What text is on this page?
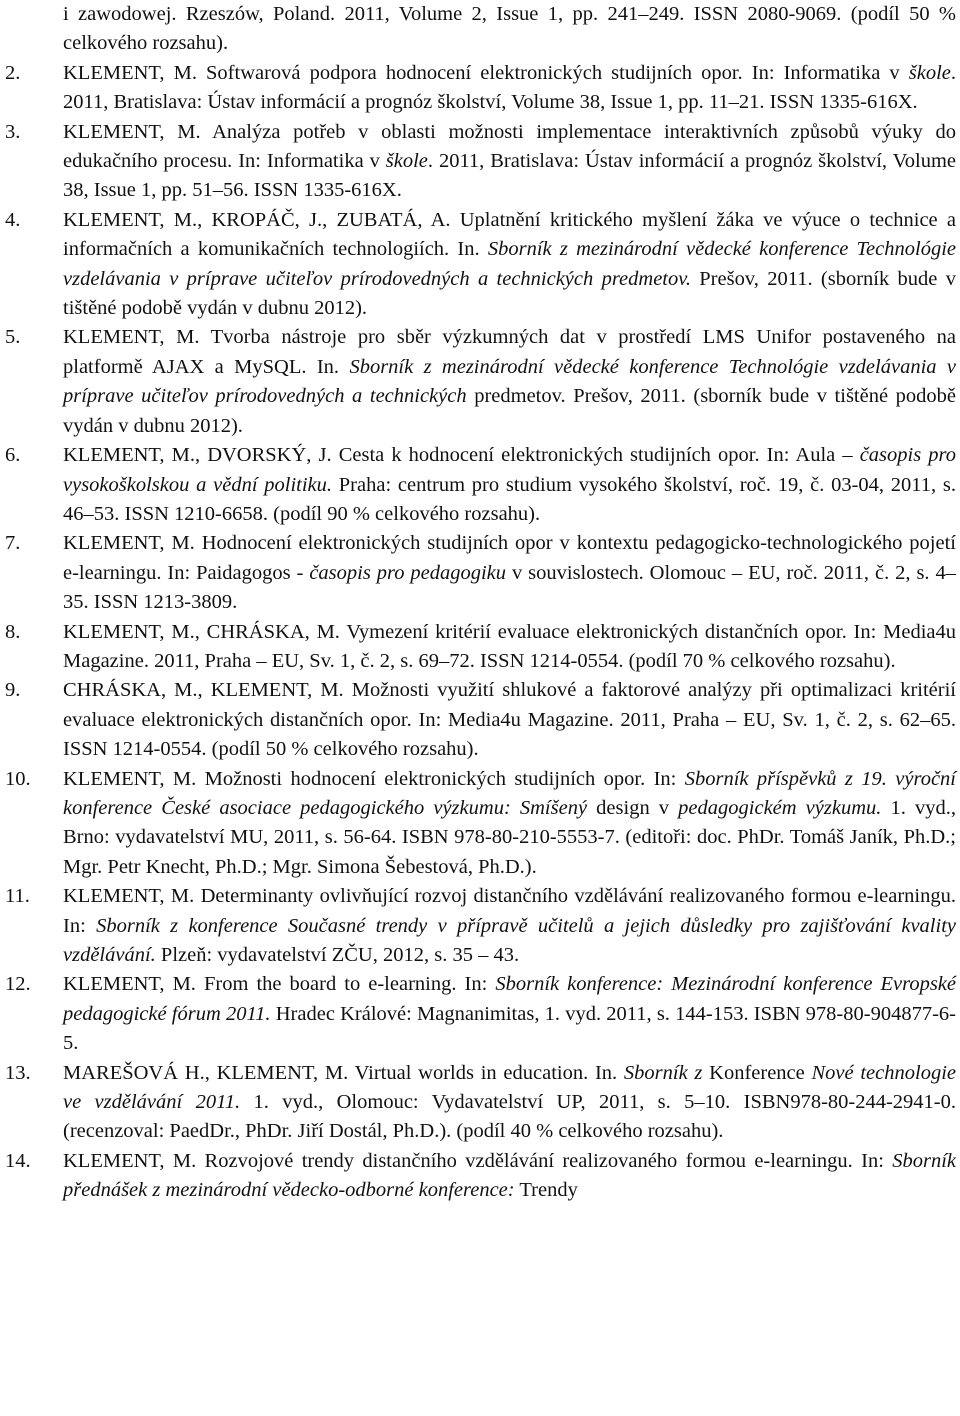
i zawodowej. Rzeszów, Poland. 2011, Volume 2, Issue 1, pp. 241–249. ISSN 2080-9069. (podíl 50 % celkového rozsahu).
2. KLEMENT, M. Softwarová podpora hodnocení elektronických studijních opor. In: Informatika v škole. 2011, Bratislava: Ústav informácií a prognóz školství, Volume 38, Issue 1, pp. 11–21. ISSN 1335-616X.
3. KLEMENT, M. Analýza potřeb v oblasti možnosti implementace interaktivních způsobů výuky do edukačního procesu. In: Informatika v škole. 2011, Bratislava: Ústav informácií a prognóz školství, Volume 38, Issue 1, pp. 51–56. ISSN 1335-616X.
4. KLEMENT, M., KROPÁČ, J., ZUBATÁ, A. Uplatnění kritického myšlení žáka ve výuce o technice a informačních a komunikačních technologiích. In. Sborník z mezinárodní vědecké konference Technológie vzdelávania v príprave učiteľov prírodovedných a technických predmetov. Prešov, 2011. (sborník bude v tištěné podobě vydán v dubnu 2012).
5. KLEMENT, M. Tvorba nástroje pro sběr výzkumných dat v prostředí LMS Unifor postaveného na platformě AJAX a MySQL. In. Sborník z mezinárodní vědecké konference Technológie vzdelávania v príprave učiteľov prírodovedných a technických predmetov. Prešov, 2011. (sborník bude v tištěné podobě vydán v dubnu 2012).
6. KLEMENT, M., DVORSKÝ, J. Cesta k hodnocení elektronických studijních opor. In: Aula – časopis pro vysokoškolskou a vědní politiku. Praha: centrum pro studium vysokého školství, roč. 19, č. 03-04, 2011, s. 46–53. ISSN 1210-6658. (podíl 90 % celkového rozsahu).
7. KLEMENT, M. Hodnocení elektronických studijních opor v kontextu pedagogicko-technologického pojetí e-learningu. In: Paidagogos - časopis pro pedagogiku v souvislostech. Olomouc – EU, roč. 2011, č. 2, s. 4–35. ISSN 1213-3809.
8. KLEMENT, M., CHRÁSKA, M. Vymezení kritérií evaluace elektronických distančních opor. In: Media4u Magazine. 2011, Praha – EU, Sv. 1, č. 2, s. 69–72. ISSN 1214-0554. (podíl 70 % celkového rozsahu).
9. CHRÁSKA, M., KLEMENT, M. Možnosti využití shlukové a faktorové analýzy při optimalizaci kritérií evaluace elektronických distančních opor. In: Media4u Magazine. 2011, Praha – EU, Sv. 1, č. 2, s. 62–65. ISSN 1214-0554. (podíl 50 % celkového rozsahu).
10. KLEMENT, M. Možnosti hodnocení elektronických studijních opor. In: Sborník příspěvků z 19. výroční konference České asociace pedagogického výzkumu: Smíšený design v pedagogickém výzkumu. 1. vyd., Brno: vydavatelství MU, 2011, s. 56-64. ISBN 978-80-210-5553-7. (editoři: doc. PhDr. Tomáš Janík, Ph.D.; Mgr. Petr Knecht, Ph.D.; Mgr. Simona Šebestová, Ph.D.).
11. KLEMENT, M. Determinanty ovlivňující rozvoj distančního vzdělávání realizovaného formou e-learningu. In: Sborník z konference Současné trendy v přípravě učitelů a jejich důsledky pro zajišťování kvality vzdělávání. Plzeň: vydavatelství ZČU, 2012, s. 35 – 43.
12. KLEMENT, M. From the board to e-learning. In: Sborník konference: Mezinárodní konference Evropské pedagogické fórum 2011. Hradec Králové: Magnanimitas, 1. vyd. 2011, s. 144-153. ISBN 978-80-904877-6-5.
13. MAREŠOVÁ H., KLEMENT, M. Virtual worlds in education. In. Sborník z Konference Nové technologie ve vzdělávání 2011. 1. vyd., Olomouc: Vydavatelství UP, 2011, s. 5–10. ISBN978-80-244-2941-0. (recenzoval: PaedDr., PhDr. Jiří Dostál, Ph.D.). (podíl 40 % celkového rozsahu).
14. KLEMENT, M. Rozvojové trendy distančního vzdělávání realizovaného formou e-learningu. In: Sborník přednášek z mezinárodní vědecko-odborné konference: Trendy
